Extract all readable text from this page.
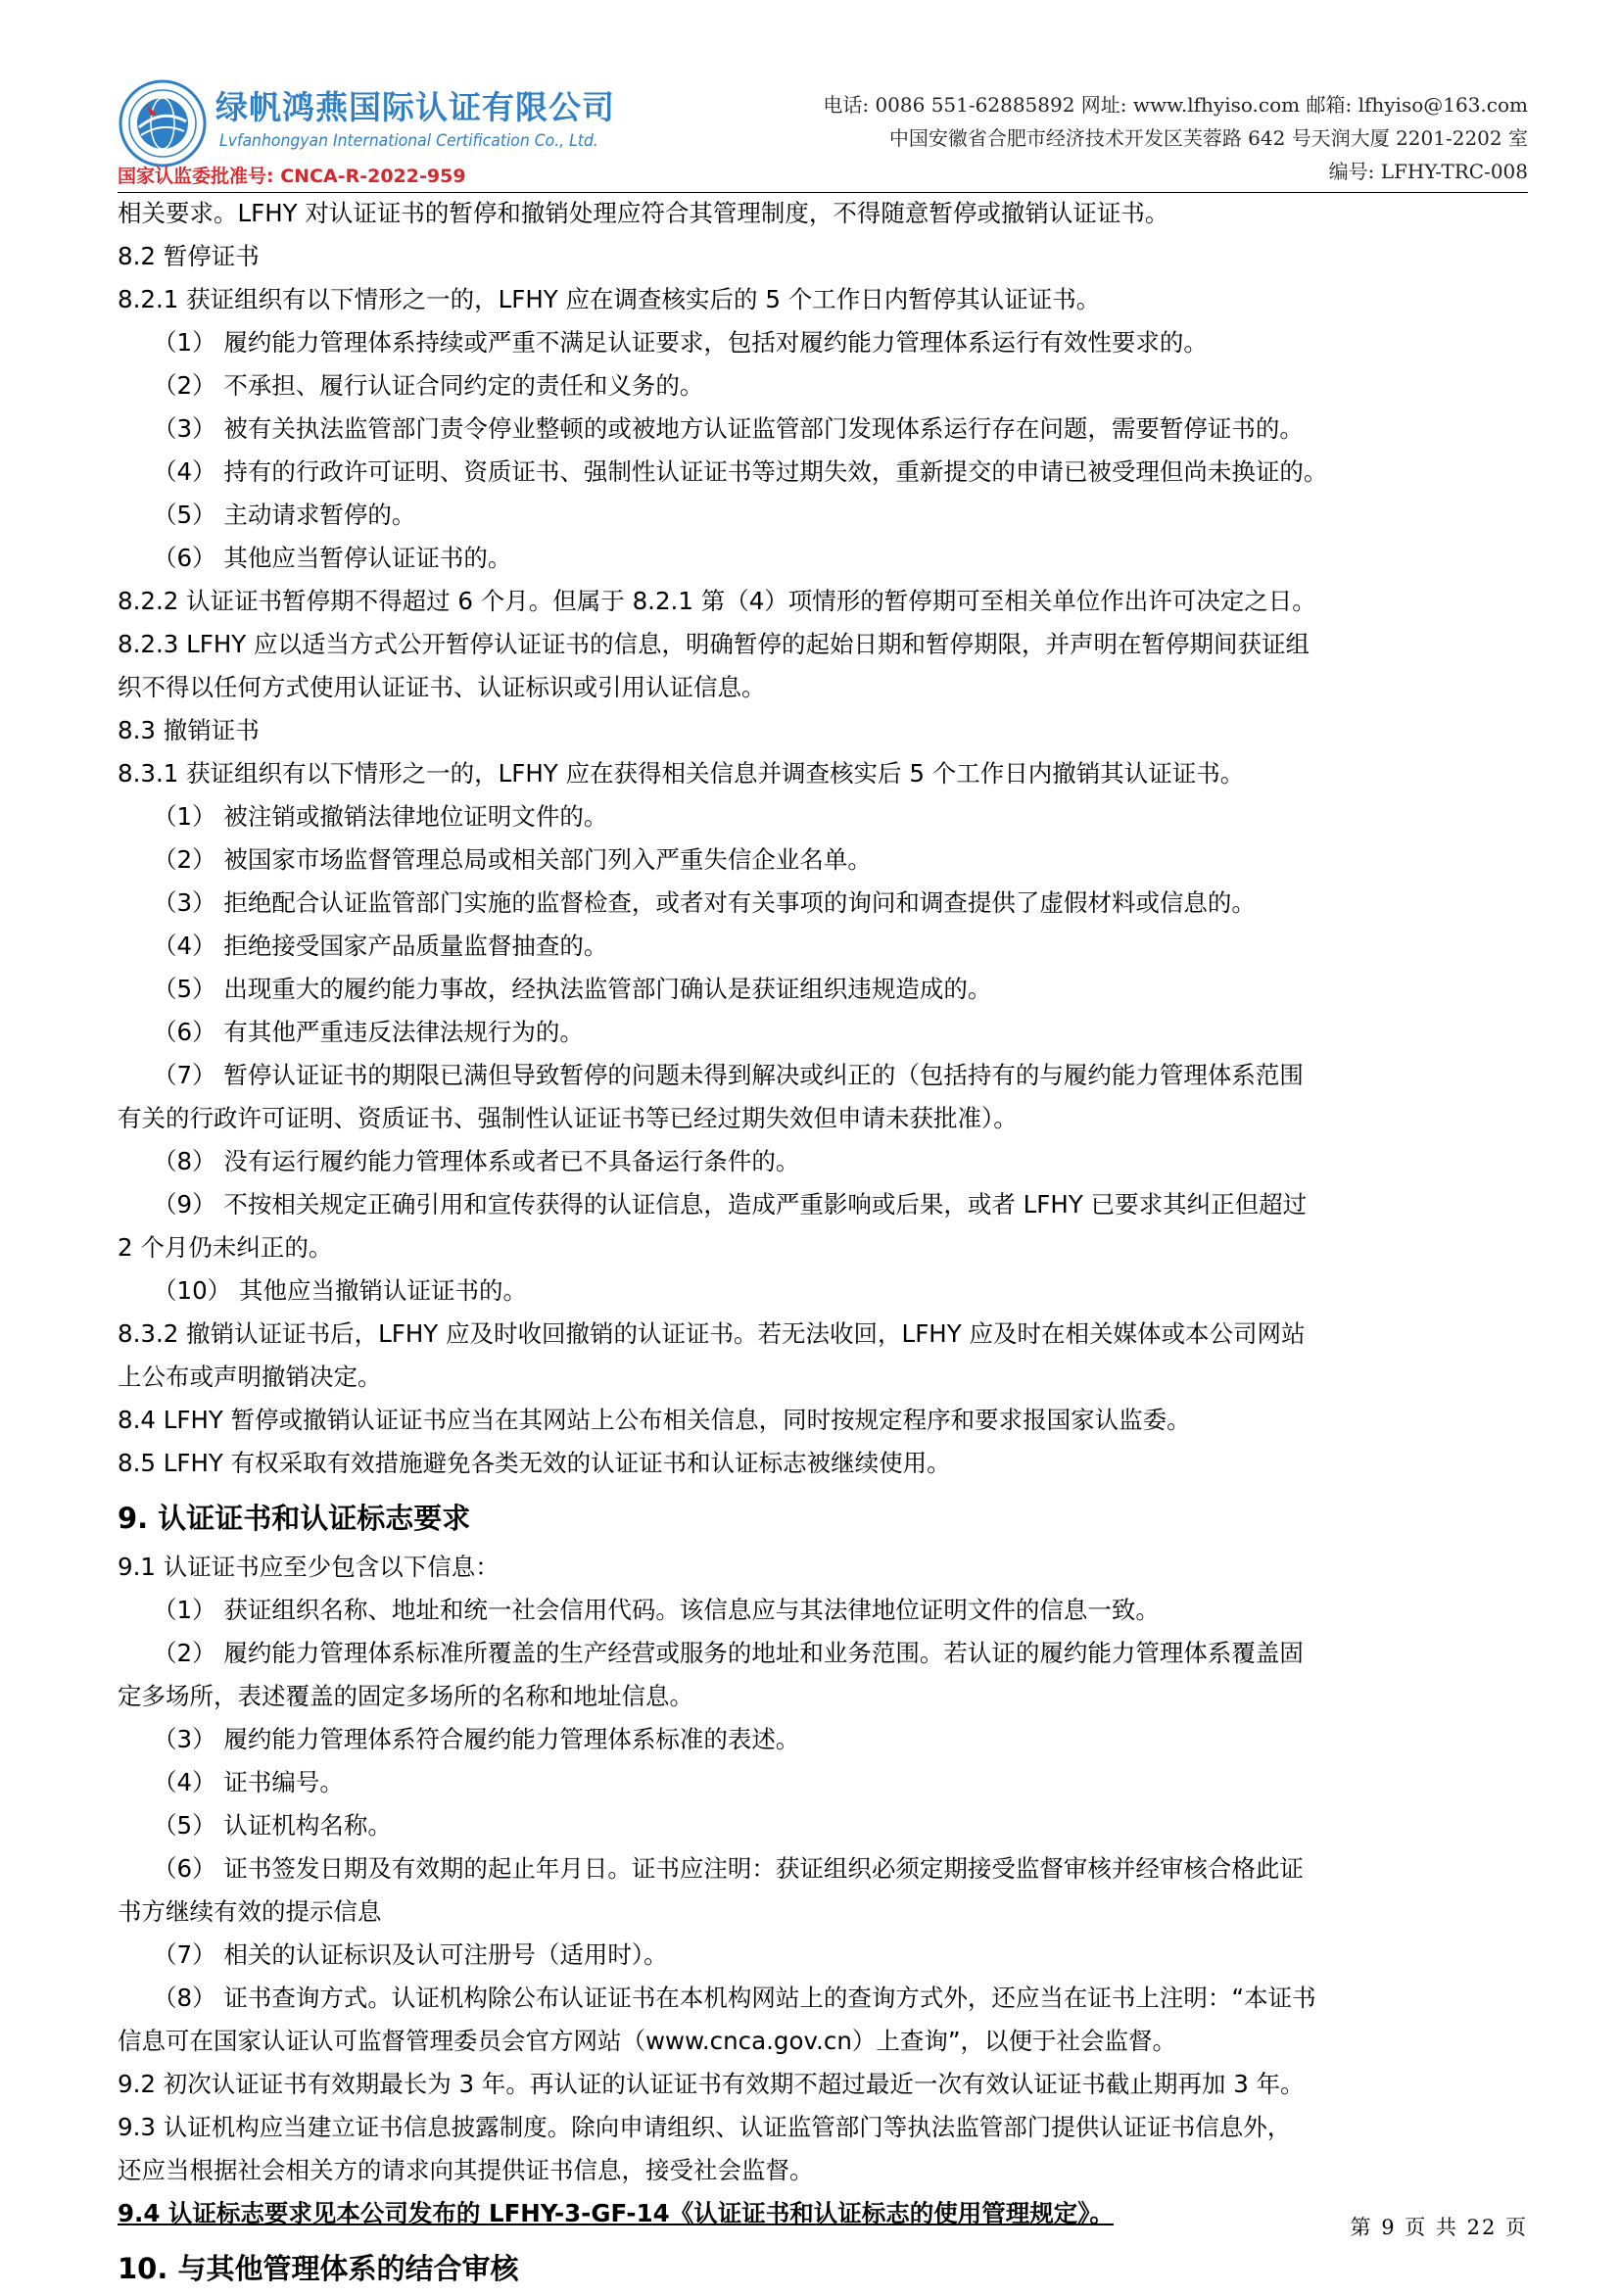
绿帆鸿燕国际认证有限公司
Lvfanhongyan International Certification Co., Ltd.
国家认监委批准号: CNCA-R-2022-959
电话: 0086 551-62885892 网址: www.lfhyiso.com 邮箱: lfhyiso@163.com
中国安徽省合肥市经济技术开发区芙蓉路 642 号天润大厦 2201-2202 室
编号: LFHY-TRC-008

相关要求。LFHY 对认证证书的暂停和撤销处理应符合其管理制度，不得随意暂停或撤销认证证书。

8.2 暂停证书

8.2.1 获证组织有以下情形之一的，LFHY 应在调查核实后的 5 个工作日内暂停其认证证书。

（1） 履约能力管理体系持续或严重不满足认证要求，包括对履约能力管理体系运行有效性要求的。

（2） 不承担、履行认证合同约定的责任和义务的。

（3） 被有关执法监管部门责令停业整顿的或被地方认证监管部门发现体系运行存在问题，需要暂停证书的。

（4） 持有的行政许可证明、资质证书、强制性认证证书等过期失效，重新提交的申请已被受理但尚未换证的。

（5） 主动请求暂停的。

（6） 其他应当暂停认证证书的。

8.2.2 认证证书暂停期不得超过 6 个月。但属于 8.2.1 第（4）项情形的暂停期可至相关单位作出许可决定之日。

8.2.3 LFHY 应以适当方式公开暂停认证证书的信息，明确暂停的起始日期和暂停期限，并声明在暂停期间获证组

织不得以任何方式使用认证证书、认证标识或引用认证信息。

8.3 撤销证书

8.3.1 获证组织有以下情形之一的，LFHY 应在获得相关信息并调查核实后 5 个工作日内撤销其认证证书。

（1） 被注销或撤销法律地位证明文件的。

（2） 被国家市场监督管理总局或相关部门列入严重失信企业名单。

（3） 拒绝配合认证监管部门实施的监督检查，或者对有关事项的询问和调查提供了虚假材料或信息的。

（4） 拒绝接受国家产品质量监督抽查的。

（5） 出现重大的履约能力事故，经执法监管部门确认是获证组织违规造成的。

（6） 有其他严重违反法律法规行为的。

（7） 暂停认证证书的期限已满但导致暂停的问题未得到解决或纠正的（包括持有的与履约能力管理体系范围

有关的行政许可证明、资质证书、强制性认证证书等已经过期失效但申请未获批准）。

（8） 没有运行履约能力管理体系或者已不具备运行条件的。

（9） 不按相关规定正确引用和宣传获得的认证信息，造成严重影响或后果，或者 LFHY 已要求其纠正但超过

2 个月仍未纠正的。

（10） 其他应当撤销认证证书的。

8.3.2 撤销认证证书后，LFHY 应及时收回撤销的认证证书。若无法收回，LFHY 应及时在相关媒体或本公司网站

上公布或声明撤销决定。

8.4 LFHY 暂停或撤销认证证书应当在其网站上公布相关信息，同时按规定程序和要求报国家认监委。

8.5 LFHY 有权采取有效措施避免各类无效的认证证书和认证标志被继续使用。

9. 认证证书和认证标志要求

9.1 认证证书应至少包含以下信息：

（1） 获证组织名称、地址和统一社会信用代码。该信息应与其法律地位证明文件的信息一致。

（2） 履约能力管理体系标准所覆盖的生产经营或服务的地址和业务范围。若认证的履约能力管理体系覆盖固

定多场所，表述覆盖的固定多场所的名称和地址信息。

（3） 履约能力管理体系符合履约能力管理体系标准的表述。

（4） 证书编号。

（5） 认证机构名称。

（6） 证书签发日期及有效期的起止年月日。证书应注明：获证组织必须定期接受监督审核并经审核合格此证

书方继续有效的提示信息

（7） 相关的认证标识及认可注册号（适用时）。

（8） 证书查询方式。认证机构除公布认证证书在本机构网站上的查询方式外，还应当在证书上注明：“本证书

信息可在国家认证认可监督管理委员会官方网站（www.cnca.gov.cn）上查询”，以便于社会监督。

9.2 初次认证证书有效期最长为 3 年。再认证的认证证书有效期不超过最近一次有效认证证书截止期再加 3 年。

9.3 认证机构应当建立证书信息披露制度。除向申请组织、认证监管部门等执法监管部门提供认证证书信息外，

还应当根据社会相关方的请求向其提供证书信息，接受社会监督。

9.4 认证标志要求见本公司发布的 LFHY-3-GF-14《认证证书和认证标志的使用管理规定》。

10. 与其他管理体系的结合审核
第 9 页 共 22 页
